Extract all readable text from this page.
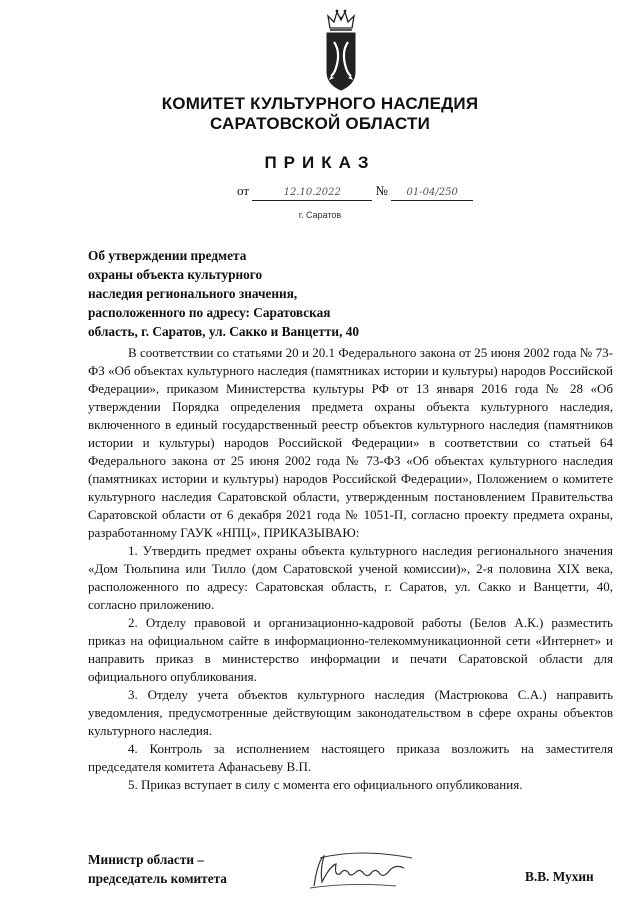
КОМИТЕТ КУЛЬТУРНОГО НАСЛЕДИЯ
САРАТОВСКОЙ ОБЛАСТИ
ПРИКАЗ
от	12.10.2022	№ 01-04/250
г. Саратов
Об утверждении предмета
охраны объекта культурного
наследия регионального значения,
расположенного по адресу: Саратовская
область, г. Саратов, ул. Сакко и Ванцетти, 40

В соответствии со статьями 20 и 20.1 Федерального закона от 25 июня 2002 года № 73-ФЗ «Об объектах культурного наследия (памятниках истории и культуры) народов Российской Федерации», приказом Министерства культуры РФ от 13 января 2016 года № 28 «Об утверждении Порядка определения предмета охраны объекта культурного наследия, включенного в единый государственный реестр объектов культурного наследия (памятников истории и культуры) народов Российской Федерации» в соответствии со статьей 64 Федерального закона от 25 июня 2002 года № 73-ФЗ «Об объектах культурного наследия (памятниках истории и культуры) народов Российской Федерации», Положением о комитете культурного наследия Саратовской области, утвержденным постановлением Правительства Саратовской области от 6 декабря 2021 года № 1051-П, согласно проекту предмета охраны, разработанному ГАУК «НПЦ», ПРИКАЗЫВАЮ:

1. Утвердить предмет охраны объекта культурного наследия регионального значения «Дом Тюльпина или Тилло (дом Саратовской ученой комиссии)», 2-я половина XIX века, расположенного по адресу: Саратовская область, г. Саратов, ул. Сакко и Ванцетти, 40, согласно приложению.

2. Отделу правовой и организационно-кадровой работы (Белов А.К.) разместить приказ на официальном сайте в информационно-телекоммуникационной сети «Интернет» и направить приказ в министерство информации и печати Саратовской области для официального опубликования.

3. Отделу учета объектов культурного наследия (Мастрюкова С.А.) направить уведомления, предусмотренные действующим законодательством в сфере охраны объектов культурного наследия.

4. Контроль за исполнением настоящего приказа возложить на заместителя председателя комитета Афанасьеву В.П.

5. Приказ вступает в силу с момента его официального опубликования.

Министр области –
председатель комитета	В.В. Мухин
